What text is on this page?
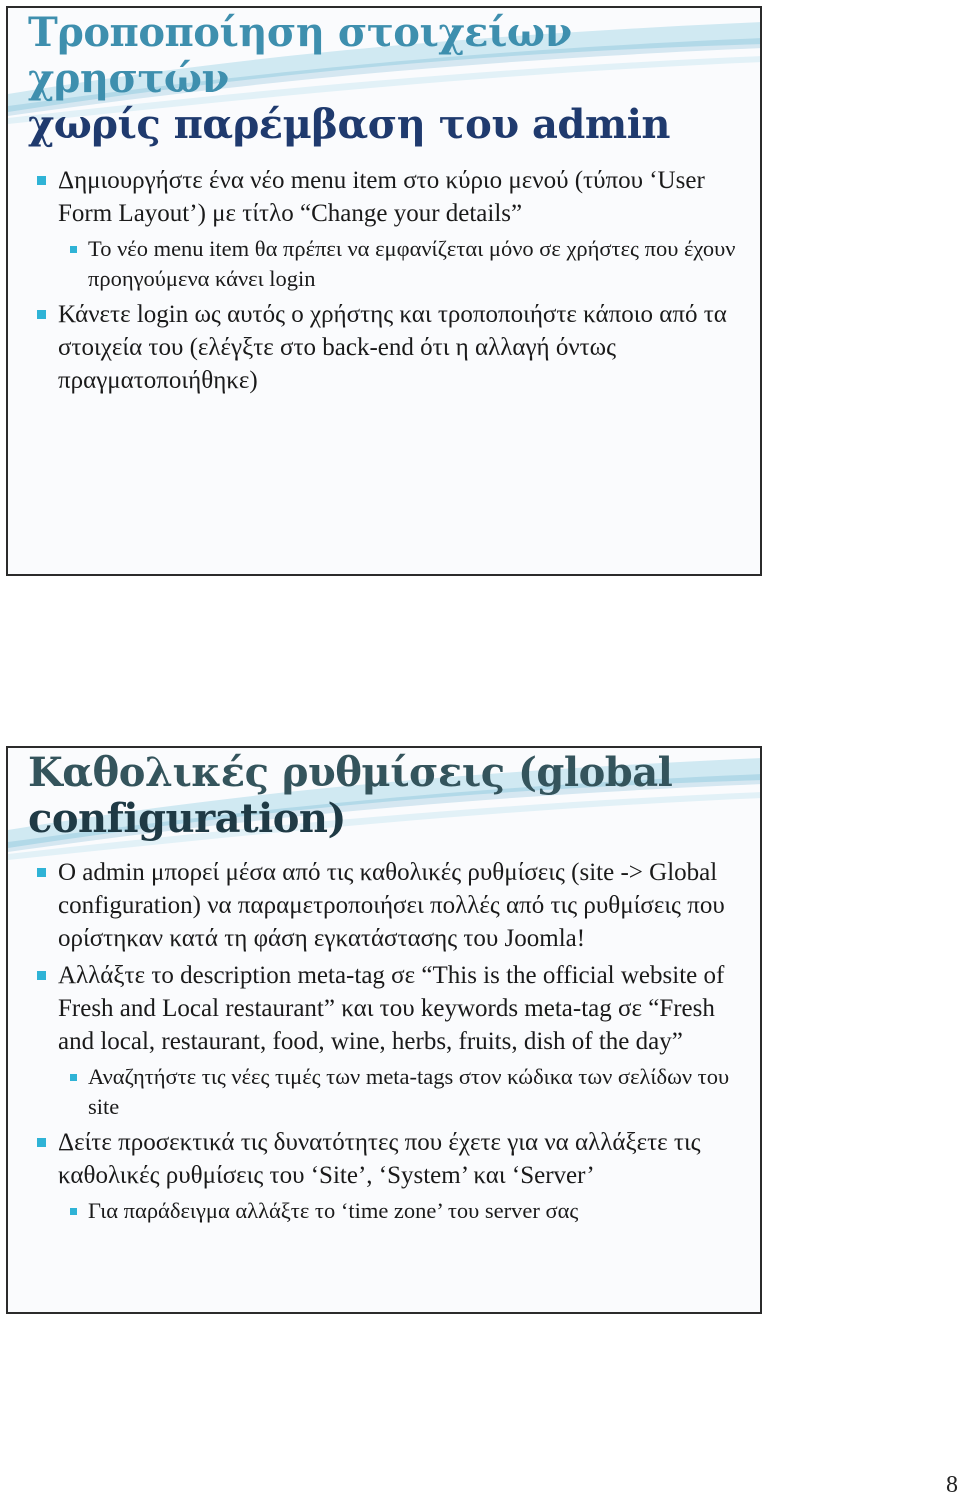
Τροποποίηση στοιχείων χρηστών
χωρίς παρέμβαση του admin
Δημιουργήστε ένα νέο menu item στο κύριο μενού (τύπου ‘User Form Layout’) με τίτλο “Change your details”
Το νέο menu item θα πρέπει να εμφανίζεται μόνο σε χρήστες που έχουν προηγούμενα κάνει login
Κάνετε login ως αυτός ο χρήστης και τροποποιήστε κάποιο από τα στοιχεία του (ελέγξτε στο back-end ότι η αλλαγή όντως πραγματοποιήθηκε)
Καθολικές ρυθμίσεις (global
configuration)
Ο admin μπορεί μέσα από τις καθολικές ρυθμίσεις (site -> Global configuration) να παραμετροποιήσει πολλές από τις ρυθμίσεις που ορίστηκαν κατά τη φάση εγκατάστασης του Joomla!
Αλλάξτε το description meta-tag σε “This is the official website of Fresh and Local restaurant” και του keywords meta-tag σε “Fresh and local, restaurant, food, wine, herbs, fruits, dish of the day”
Αναζητήστε τις νέες τιμές των meta-tags στον κώδικα των σελίδων του site
Δείτε προσεκτικά τις δυνατότητες που έχετε για να αλλάξετε τις καθολικές ρυθμίσεις του ‘Site’, ‘System’ και ‘Server’
Για παράδειγμα αλλάξτε το ‘time zone’ του server σας
8
